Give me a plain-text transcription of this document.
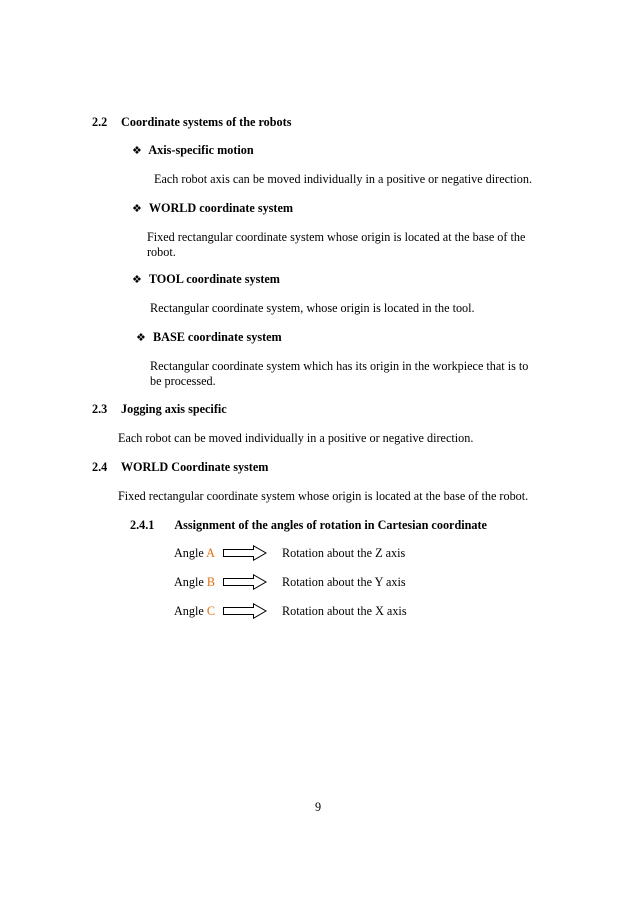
2.2 Coordinate systems of the robots
❖ Axis-specific motion
Each robot axis can be moved individually in a positive or negative direction.
❖ WORLD coordinate system
Fixed rectangular coordinate system whose origin is located at the base of the
robot.
❖ TOOL coordinate system
Rectangular coordinate system, whose origin is located in the tool.
❖ BASE coordinate system
Rectangular coordinate system which has its origin in the workpiece that is to
be processed.
2.3 Jogging axis specific
Each robot can be moved individually in a positive or negative direction.
2.4 WORLD Coordinate system
Fixed rectangular coordinate system whose origin is located at the base of the robot.
2.4.1 Assignment of the angles of rotation in Cartesian coordinate
Angle A	Rotation about the Z axis
Angle B	Rotation about the Y axis
Angle C	Rotation about the X axis
9
